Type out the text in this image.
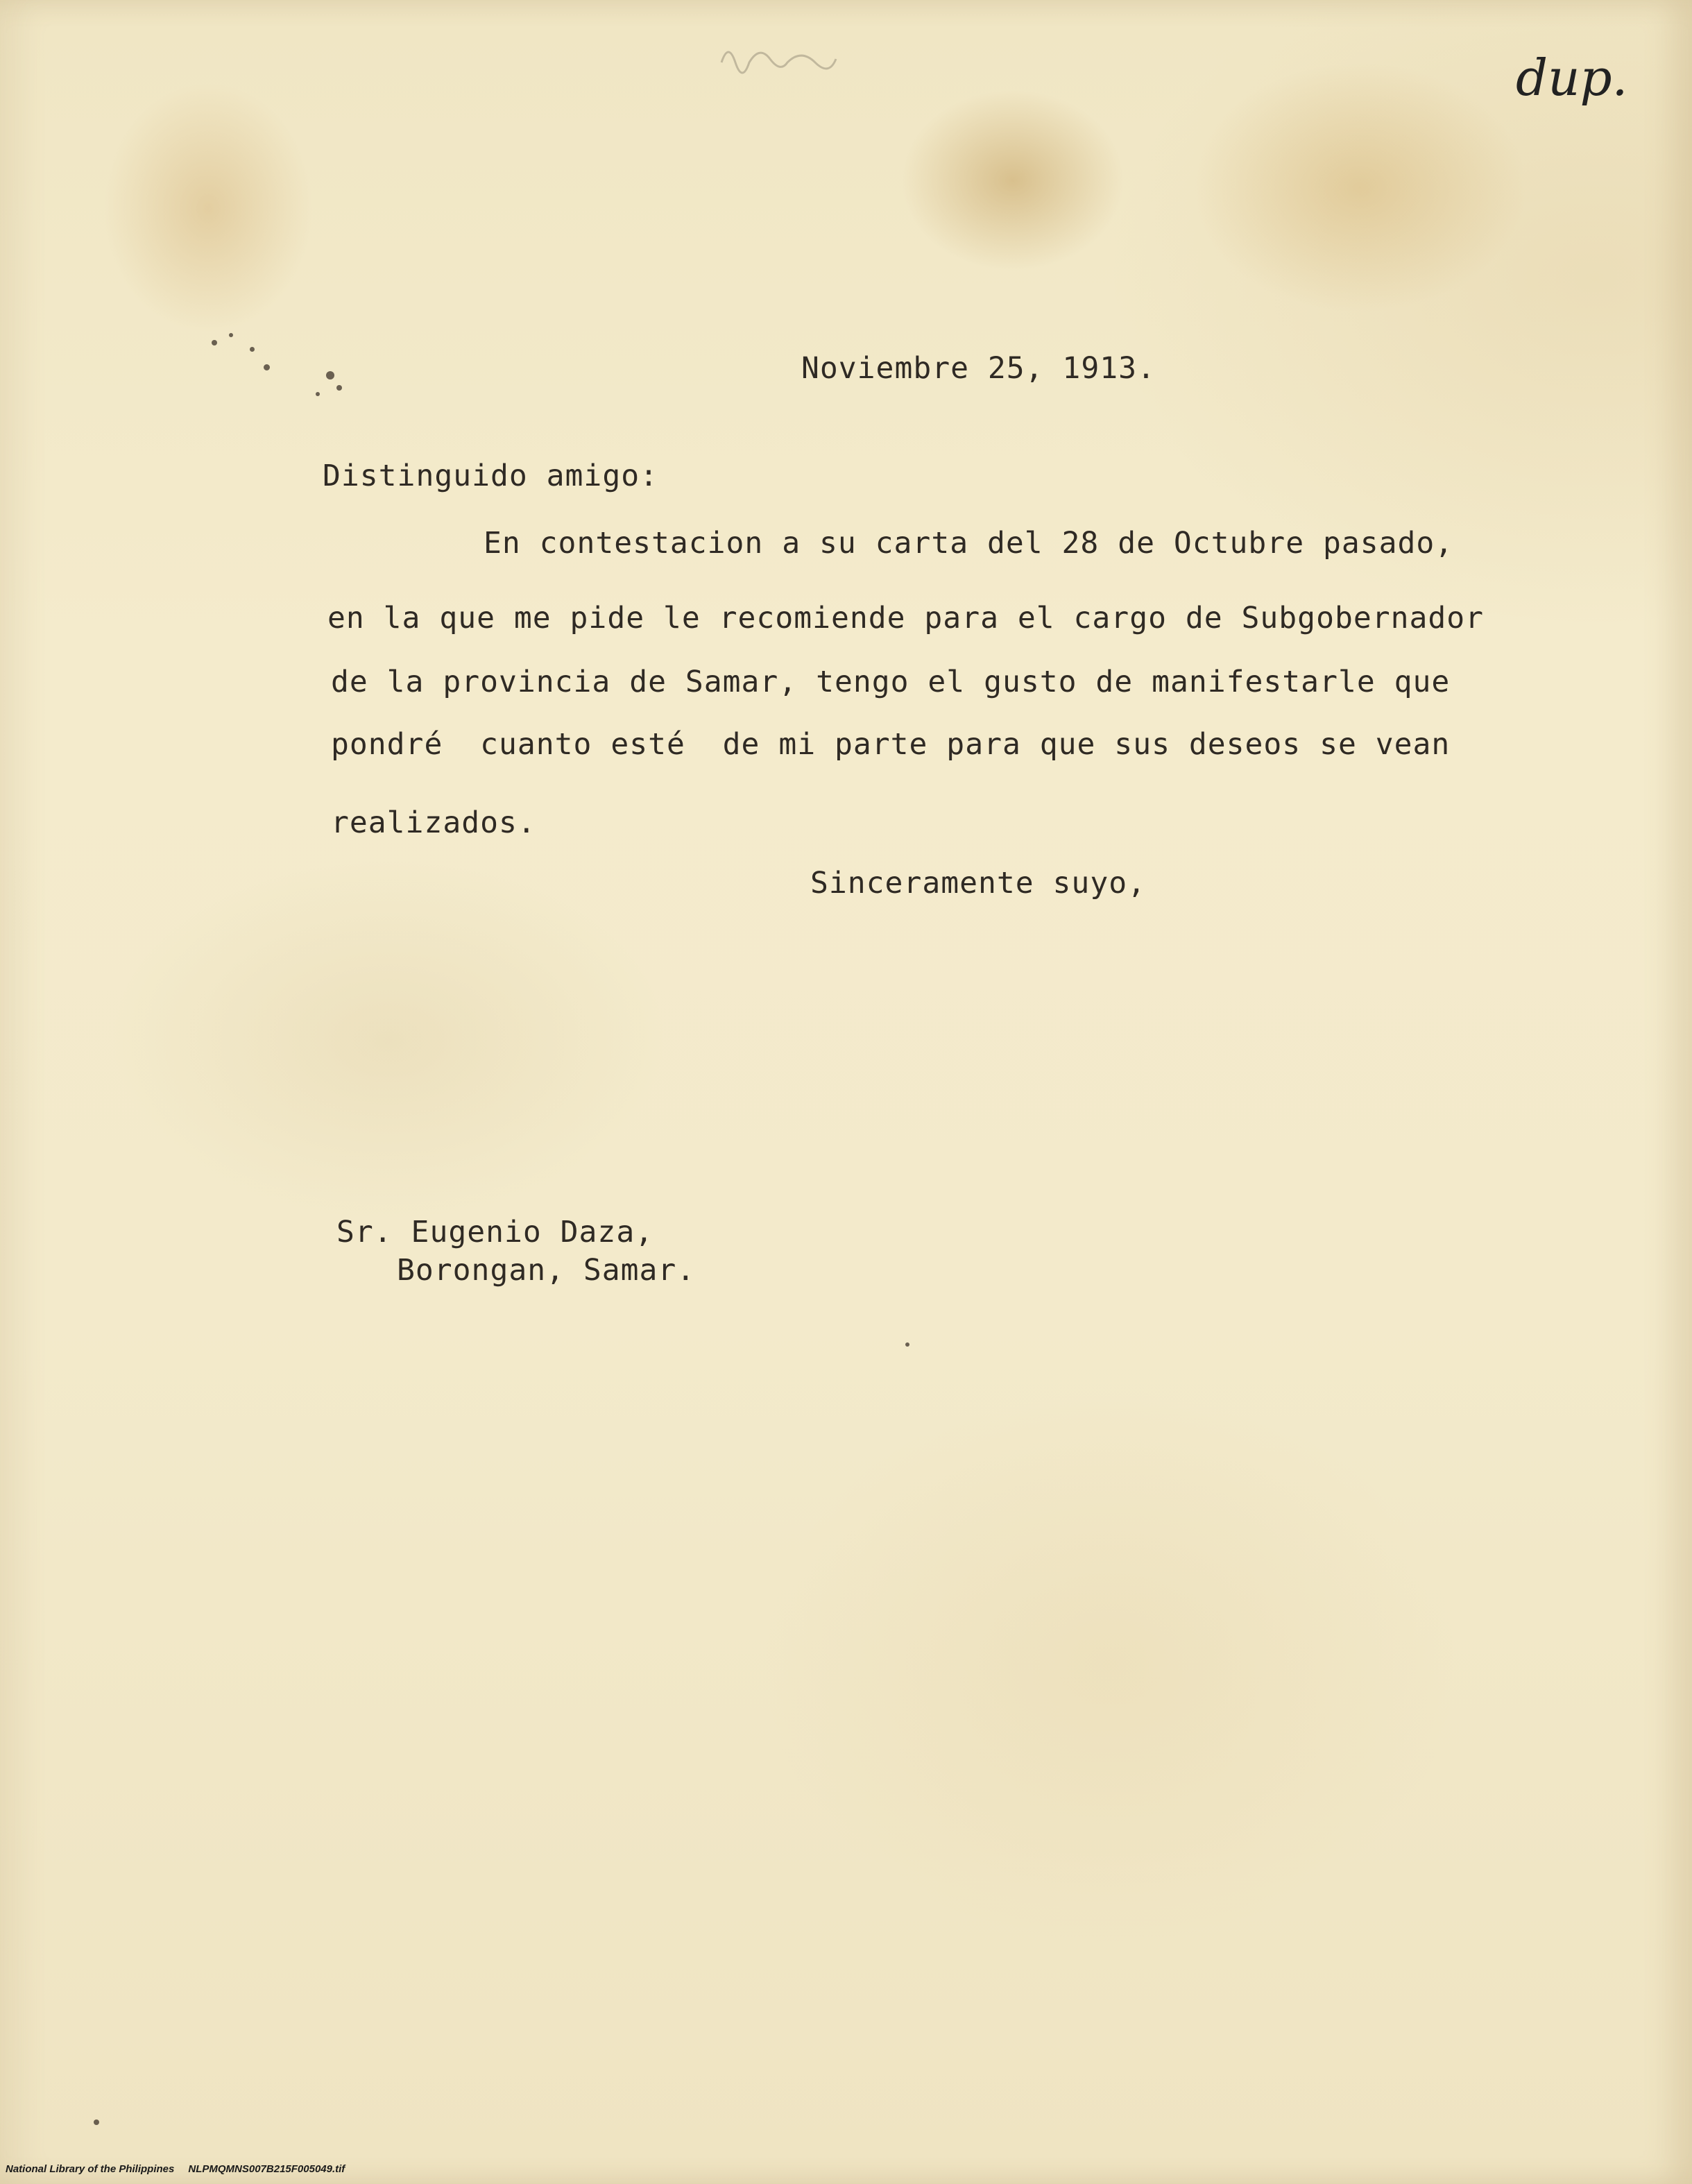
dup.
Noviembre 25, 1913.
Distinguido amigo:
En contestacion a su carta del 28 de Octubre pasado,
en la que me pide le recomiende para el cargo de Subgobernador
de la provincia de Samar, tengo el gusto de manifestarle que
pondré  cuanto esté  de mi parte para que sus deseos se vean
realizados.
Sinceramente suyo,
Sr. Eugenio Daza,
Borongan, Samar.
National Library of the Philippines NLPMQMNS007B215F005049.tif
